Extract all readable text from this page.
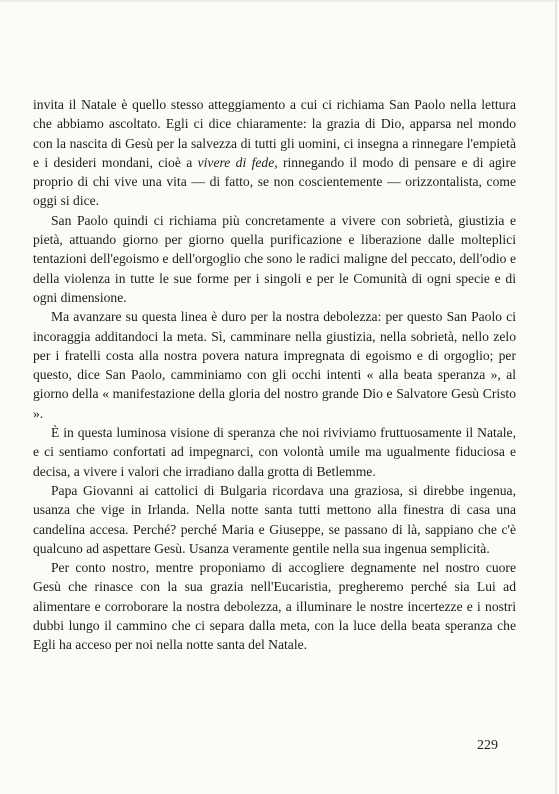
invita il Natale è quello stesso atteggiamento a cui ci richiama San Paolo nella lettura che abbiamo ascoltato. Egli ci dice chiaramente: la grazia di Dio, apparsa nel mondo con la nascita di Gesù per la salvezza di tutti gli uomini, ci insegna a rinnegare l'empietà e i desideri mondani, cioè a vivere di fede, rinnegando il modo di pensare e di agire proprio di chi vive una vita — di fatto, se non coscientemente — orizzontalista, come oggi si dice.

San Paolo quindi ci richiama più concretamente a vivere con sobrietà, giustizia e pietà, attuando giorno per giorno quella purificazione e liberazione dalle molteplici tentazioni dell'egoismo e dell'orgoglio che sono le radici maligne del peccato, dell'odio e della violenza in tutte le sue forme per i singoli e per le Comunità di ogni specie e di ogni dimensione.

Ma avanzare su questa linea è duro per la nostra debolezza: per questo San Paolo ci incoraggia additandoci la meta. Sì, camminare nella giustizia, nella sobrietà, nello zelo per i fratelli costa alla nostra povera natura impregnata di egoismo e di orgoglio; per questo, dice San Paolo, camminiamo con gli occhi intenti « alla beata speranza », al giorno della « manifestazione della gloria del nostro grande Dio e Salvatore Gesù Cristo ».

È in questa luminosa visione di speranza che noi riviviamo fruttuosamente il Natale, e ci sentiamo confortati ad impegnarci, con volontà umile ma ugualmente fiduciosa e decisa, a vivere i valori che irradiano dalla grotta di Betlemme.

Papa Giovanni ai cattolici di Bulgaria ricordava una graziosa, si direbbe ingenua, usanza che vige in Irlanda. Nella notte santa tutti mettono alla finestra di casa una candelina accesa. Perché? perché Maria e Giuseppe, se passano di là, sappiano che c'è qualcuno ad aspettare Gesù. Usanza veramente gentile nella sua ingenua semplicità.

Per conto nostro, mentre proponiamo di accogliere degnamente nel nostro cuore Gesù che rinasce con la sua grazia nell'Eucaristia, pregheremo perché sia Lui ad alimentare e corroborare la nostra debolezza, a illuminare le nostre incertezze e i nostri dubbi lungo il cammino che ci separa dalla meta, con la luce della beata speranza che Egli ha acceso per noi nella notte santa del Natale.

229
